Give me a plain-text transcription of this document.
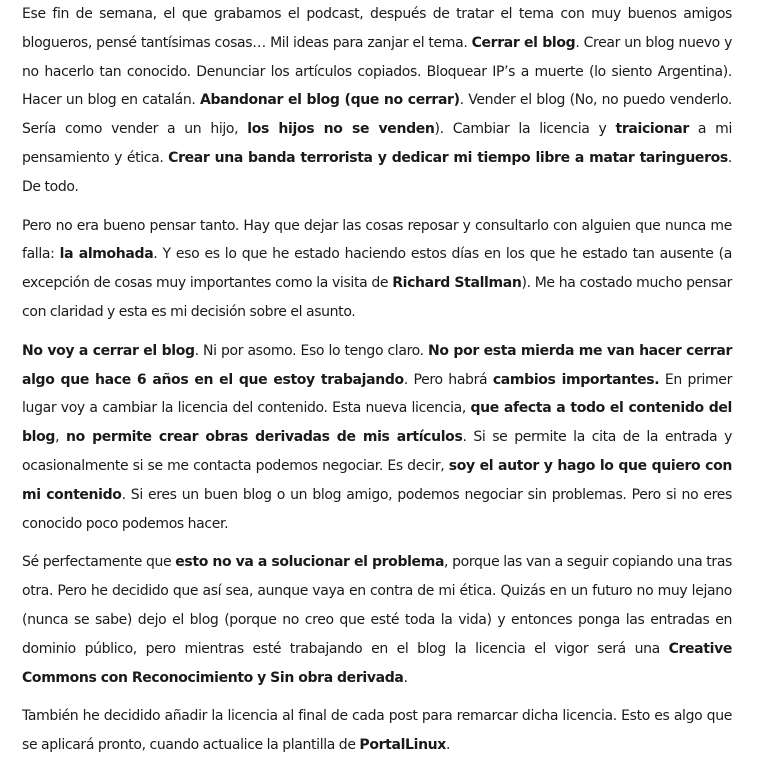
Ese fin de semana, el que grabamos el podcast, después de tratar el tema con muy buenos amigos blogueros, pensé tantísimas cosas… Mil ideas para zanjar el tema. Cerrar el blog. Crear un blog nuevo y no hacerlo tan conocido. Denunciar los artículos copiados. Bloquear IP’s a muerte (lo siento Argentina). Hacer un blog en catalán. Abandonar el blog (que no cerrar). Vender el blog (No, no puedo venderlo. Sería como vender a un hijo, los hijos no se venden). Cambiar la licencia y traicionar a mi pensamiento y ética. Crear una banda terrorista y dedicar mi tiempo libre a matar taringueros. De todo.

Pero no era bueno pensar tanto. Hay que dejar las cosas reposar y consultarlo con alguien que nunca me falla: la almohada. Y eso es lo que he estado haciendo estos días en los que he estado tan ausente (a excepción de cosas muy importantes como la visita de Richard Stallman). Me ha costado mucho pensar con claridad y esta es mi decisión sobre el asunto.

No voy a cerrar el blog. Ni por asomo. Eso lo tengo claro. No por esta mierda me van hacer cerrar algo que hace 6 años en el que estoy trabajando. Pero habrá cambios importantes. En primer lugar voy a cambiar la licencia del contenido. Esta nueva licencia, que afecta a todo el contenido del blog, no permite crear obras derivadas de mis artículos. Si se permite la cita de la entrada y ocasionalmente si se me contacta podemos negociar. Es decir, soy el autor y hago lo que quiero con mi contenido. Si eres un buen blog o un blog amigo, podemos negociar sin problemas. Pero si no eres conocido poco podemos hacer.

Sé perfectamente que esto no va a solucionar el problema, porque las van a seguir copiando una tras otra. Pero he decidido que así sea, aunque vaya en contra de mi ética. Quizás en un futuro no muy lejano (nunca se sabe) dejo el blog (porque no creo que esté toda la vida) y entonces ponga las entradas en dominio público, pero mientras esté trabajando en el blog la licencia el vigor será una Creative Commons con Reconocimiento y Sin obra derivada.

También he decidido añadir la licencia al final de cada post para remarcar dicha licencia. Esto es algo que se aplicará pronto, cuando actualice la plantilla de PortalLinux.
